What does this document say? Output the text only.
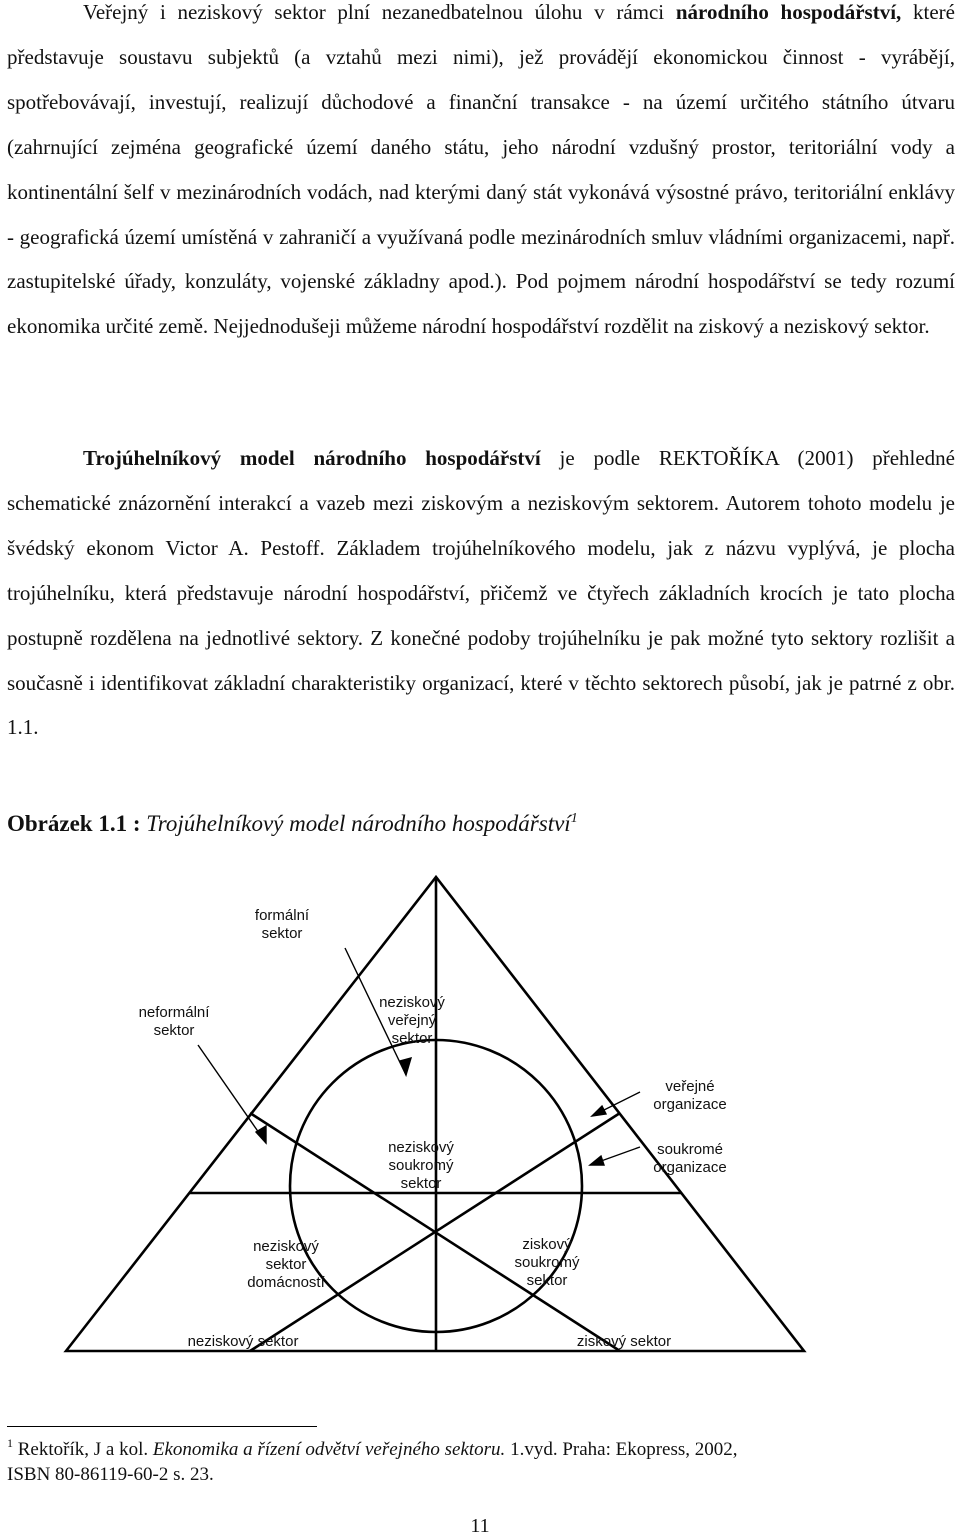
Veřejný i neziskový sektor plní nezanedbatelnou úlohu v rámci národního hospodářství, které představuje soustavu subjektů (a vztahů mezi nimi), jež provádějí ekonomickou činnost - vyrábějí, spotřebovávají, investují, realizují důchodové a finanční transakce - na území určitého státního útvaru (zahrnující zejména geografické území daného státu, jeho národní vzdušný prostor, teritoriální vody a kontinentální šelf v mezinárodních vodách, nad kterými daný stát vykonává výsostné právo, teritoriální enklávy - geografická území umístěná v zahraničí a využívaná podle mezinárodních smluv vládními organizacemi, např. zastupitelské úřady, konzuláty, vojenské základny apod.). Pod pojmem národní hospodářství se tedy rozumí ekonomika určité země. Nejjednodušeji můžeme národní hospodářství rozdělit na ziskový a neziskový sektor.

Trojúhelníkový model národního hospodářství je podle REKTOŘÍKA (2001) přehledné schematické znázornění interakcí a vazeb mezi ziskovým a neziskovým sektorem. Autorem tohoto modelu je švédský ekonom Victor A. Pestoff. Základem trojúhelníkového modelu, jak z názvu vyplývá, je plocha trojúhelníku, která představuje národní hospodářství, přičemž ve čtyřech základních krocích je tato plocha postupně rozdělena na jednotlivé sektory. Z konečné podoby trojúhelníku je pak možné tyto sektory rozlišit a současně i identifikovat základní charakteristiky organizací, které v těchto sektorech působí, jak je patrné z obr. 1.1.

Obrázek 1.1 : Trojúhelníkový model národního hospodářství$^1$

formální sektor
neformální sektor
neziskový veřejný sektor
veřejné organizace
soukromé organizace
neziskový soukromý sektor
neziskový sektor domácností
ziskový soukromý sektor
neziskový sektor	ziskový sektor

$^1$ Rektořík, J a kol. Ekonomika a řízení odvětví veřejného sektoru. 1.vyd. Praha: Ekopress, 2002,
ISBN 80-86119-60-2 s. 23.

11
